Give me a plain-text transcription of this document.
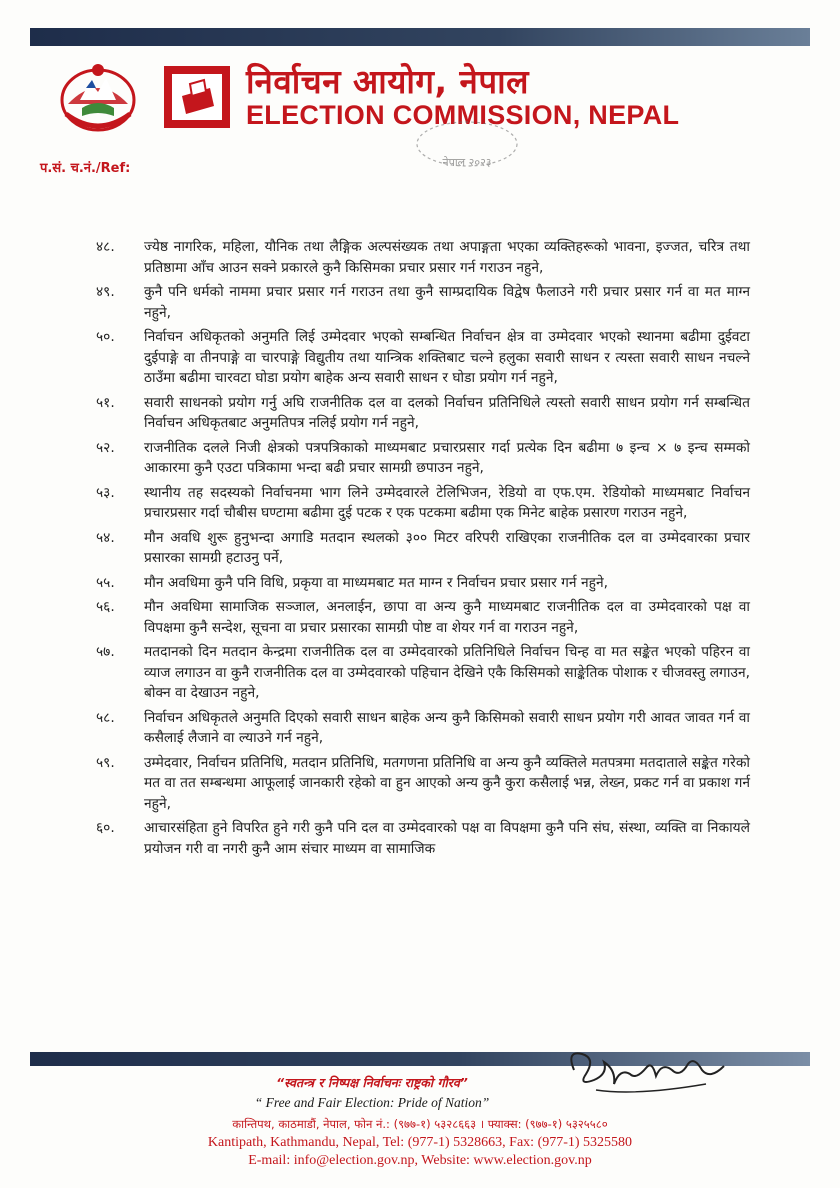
निर्वाचन आयोग, नेपाल
ELECTION COMMISSION, NEPAL
नेपाल २०२३
प.सं. च.नं./Ref:
४८.	ज्येष्ठ नागरिक, महिला, यौनिक तथा लैङ्गिक अल्पसंख्यक तथा अपाङ्गता भएका व्यक्तिहरूको भावना, इज्जत, चरित्र तथा प्रतिष्ठामा आँच आउन सक्ने प्रकारले कुनै किसिमका प्रचार प्रसार गर्न गराउन नहुने,
४९.	कुनै पनि धर्मको नाममा प्रचार प्रसार गर्न गराउन तथा कुनै साम्प्रदायिक विद्वेष फैलाउने गरी प्रचार प्रसार गर्न वा मत माग्न नहुने,
५०.	निर्वाचन अधिकृतको अनुमति लिई उम्मेदवार भएको सम्बन्धित निर्वाचन क्षेत्र वा उम्मेदवार भएको स्थानमा बढीमा दुईवटा दुईपाङ्गे वा तीनपाङ्गे वा चारपाङ्गे विद्युतीय तथा यान्त्रिक शक्तिबाट चल्ने हलुका सवारी साधन र त्यस्ता सवारी साधन नचल्ने ठाउँमा बढीमा चारवटा घोडा प्रयोग बाहेक अन्य सवारी साधन र घोडा प्रयोग गर्न नहुने,
५१.	सवारी साधनको प्रयोग गर्नु अघि राजनीतिक दल वा दलको निर्वाचन प्रतिनिधिले त्यस्तो सवारी साधन प्रयोग गर्न सम्बन्धित निर्वाचन अधिकृतबाट अनुमतिपत्र नलिई प्रयोग गर्न नहुने,
५२.	राजनीतिक दलले निजी क्षेत्रको पत्रपत्रिकाको माध्यमबाट प्रचारप्रसार गर्दा प्रत्येक दिन बढीमा ७ इन्च × ७ इन्च सम्मको आकारमा कुनै एउटा पत्रिकामा भन्दा बढी प्रचार सामग्री छपाउन नहुने,
५३.	स्थानीय तह सदस्यको निर्वाचनमा भाग लिने उम्मेदवारले टेलिभिजन, रेडियो वा एफ.एम. रेडियोको माध्यमबाट निर्वाचन प्रचारप्रसार गर्दा चौबीस घण्टामा बढीमा दुई पटक र एक पटकमा बढीमा एक मिनेट बाहेक प्रसारण गराउन नहुने,
५४.	मौन अवधि शुरू हुनुभन्दा अगाडि मतदान स्थलको ३०० मिटर वरिपरी राखिएका राजनीतिक दल वा उम्मेदवारका प्रचार प्रसारका सामग्री हटाउनु पर्ने,
५५.	मौन अवधिमा कुनै पनि विधि, प्रकृया वा माध्यमबाट मत माग्न र निर्वाचन प्रचार प्रसार गर्न नहुने,
५६.	मौन अवधिमा सामाजिक सञ्जाल, अनलाईन, छापा वा अन्य कुनै माध्यमबाट राजनीतिक दल वा उम्मेदवारको पक्ष वा विपक्षमा कुनै सन्देश, सूचना वा प्रचार प्रसारका सामग्री पोष्ट वा शेयर गर्न वा गराउन नहुने,
५७.	मतदानको दिन मतदान केन्द्रमा राजनीतिक दल वा उम्मेदवारको प्रतिनिधिले निर्वाचन चिन्ह वा मत सङ्केत भएको पहिरन वा व्याज लगाउन वा कुनै राजनीतिक दल वा उम्मेदवारको पहिचान देखिने एकै किसिमको साङ्केतिक पोशाक र चीजवस्तु लगाउन, बोक्न वा देखाउन नहुने,
५८.	निर्वाचन अधिकृतले अनुमति दिएको सवारी साधन बाहेक अन्य कुनै किसिमको सवारी साधन प्रयोग गरी आवत जावत गर्न वा कसैलाई लैजाने वा ल्याउने गर्न नहुने,
५९.	उम्मेदवार, निर्वाचन प्रतिनिधि, मतदान प्रतिनिधि, मतगणना प्रतिनिधि वा अन्य कुनै व्यक्तिले मतपत्रमा मतदाताले सङ्केत गरेको मत वा तत सम्बन्धमा आफूलाई जानकारी रहेको वा हुन आएको अन्य कुनै कुरा कसैलाई भन्न, लेख्न, प्रकट गर्न वा प्रकाश गर्न नहुने,
६०.	आचारसंहिता हुने विपरित हुने गरी कुनै पनि दल वा उम्मेदवारको पक्ष वा विपक्षमा कुनै पनि संघ, संस्था, व्यक्ति वा निकायले प्रयोजन गरी वा नगरी कुनै आम संचार माध्यम वा सामाजिक
“स्वतन्त्र र निष्पक्ष निर्वाचनः राष्ट्रको गौरव”
“ Free and Fair Election: Pride of Nation”
कान्तिपथ, काठमाडौं, नेपाल, फोन नं.: (९७७-१) ५३२८६६३ । फ्याक्स: (९७७-१) ५३२५५८०
Kantipath, Kathmandu, Nepal, Tel: (977-1) 5328663, Fax: (977-1) 5325580
E-mail: info@election.gov.np, Website: www.election.gov.np
